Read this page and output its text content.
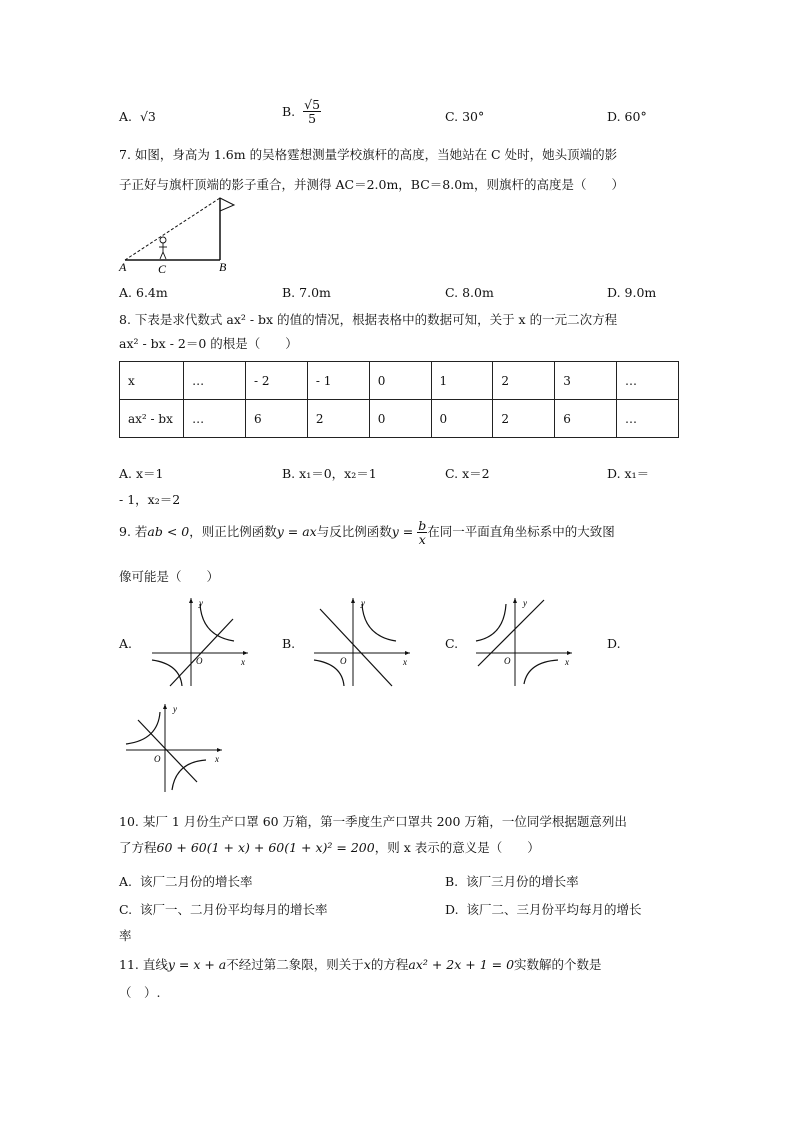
A. √3	B. $\frac{√5}{5}$	C. 30°	D. 60°
7. 如图，身高为 1.6m 的吴格霆想测量学校旗杆的高度，当她站在 C 处时，她头顶端的影
子正好与旗杆顶端的影子重合，并测得 AC＝2.0m，BC＝8.0m，则旗杆的高度是（　　）
A	C	B
A. 6.4m	B. 7.0m	C. 8.0m	D. 9.0m
8. 下表是求代数式 ax² - bx 的值的情况，根据表格中的数据可知，关于 x 的一元二次方程
ax² - bx - 2＝0 的根是（　　）
x	…	- 2	- 1	0	1	2	3	…
ax² - bx	…	6	2	0	0	2	6	…
A. x＝1	B. x₁＝0，x₂＝1	C. x＝2	D. x₁＝
- 1，x₂＝2
9. 若ab < 0，则正比例函数y = ax与反比例函数$y = \frac{b}{x}$ 在同一平面直角坐标系中的大致图
像可能是（　　）
A.	B.	C.	D.
y
x
O
y
x
O
y
x
O
y
x
O
10. 某厂 1 月份生产口罩 60 万箱，第一季度生产口罩共 200 万箱，一位同学根据题意列出
了方程60 + 60(1 + x) + 60(1 + x)² = 200，则 x 表示的意义是（　　）
A. 该厂二月份的增长率	B. 该厂三月份的增长率
C. 该厂一、二月份平均每月的增长率	D. 该厂二、三月份平均每月的增长
率
11. 直线y = x + a不经过第二象限，则关于x的方程ax² + 2x + 1 = 0实数解的个数是
（　）.
